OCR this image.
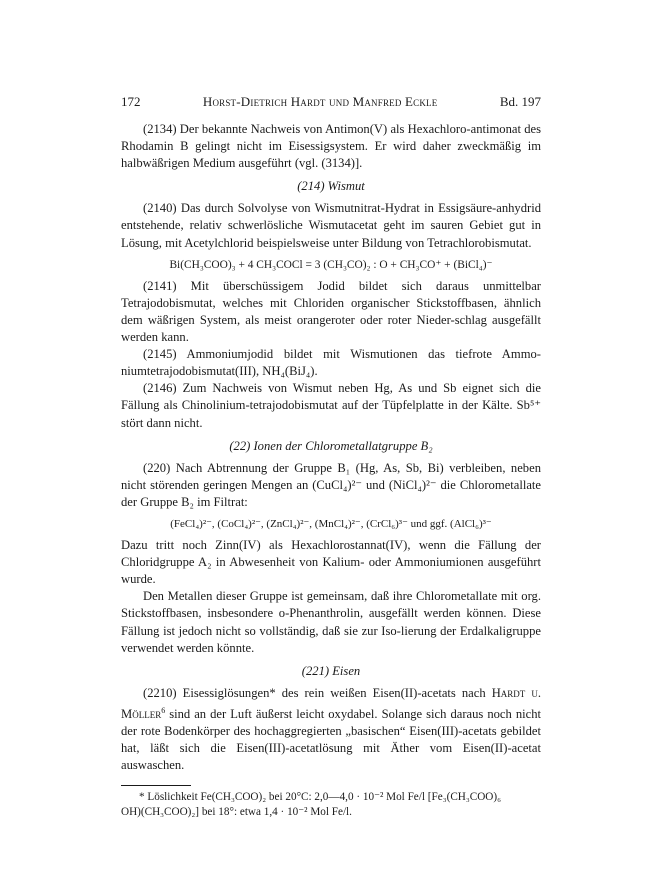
172	Horst-Dietrich Hardt und Manfred Eckle	Bd. 197

(2134) Der bekannte Nachweis von Antimon(V) als Hexachloro-antimonat des Rhodamin B gelingt nicht im Eisessigsystem. Er wird daher zweckmäßig im halbwäßrigen Medium ausgeführt (vgl. (3134)].

(214) Wismut

(2140) Das durch Solvolyse von Wismutnitrat-Hydrat in Essigsäure-anhydrid entstehende, relativ schwerlösliche Wismutacetat geht im sauren Gebiet gut in Lösung, mit Acetylchlorid beispielsweise unter Bildung von Tetrachlorobismutat.

Bi(CH₃COO)₃ + 4 CH₃COCl = 3 (CH₃CO)₂ : O + CH₃CO⁺ + (BiCl₄)⁻

(2141) Mit überschüssigem Jodid bildet sich daraus unmittelbar Tetrajodobismutat, welches mit Chloriden organischer Stickstoffbasen, ähnlich dem wäßrigen System, als meist orangeroter oder roter Nieder-schlag ausgefällt werden kann.

(2145) Ammoniumjodid bildet mit Wismutionen das tiefrote Ammo-niumtetrajodobismutat(III), NH₄(BiJ₄).

(2146) Zum Nachweis von Wismut neben Hg, As und Sb eignet sich die Fällung als Chinolinium-tetrajodobismutat auf der Tüpfelplatte in der Kälte. Sb⁵⁺ stört dann nicht.

(22) Ionen der Chlorometallatgruppe B₂

(220) Nach Abtrennung der Gruppe B₁ (Hg, As, Sb, Bi) verbleiben, neben nicht störenden geringen Mengen an (CuCl₄)²⁻ und (NiCl₄)²⁻ die Chlorometallate der Gruppe B₂ im Filtrat:

(FeCl₄)²⁻, (CoCl₄)²⁻, (ZnCl₄)²⁻, (MnCl₄)²⁻, (CrCl₆)³⁻ und ggf. (AlCl₆)³⁻

Dazu tritt noch Zinn(IV) als Hexachlorostannat(IV), wenn die Fällung der Chloridgruppe A₂ in Abwesenheit von Kalium- oder Ammoniumionen ausgeführt wurde.

Den Metallen dieser Gruppe ist gemeinsam, daß ihre Chlorometallate mit org. Stickstoffbasen, insbesondere o-Phenanthrolin, ausgefällt werden können. Diese Fällung ist jedoch nicht so vollständig, daß sie zur Iso-lierung der Erdalkaligruppe verwendet werden könnte.

(221) Eisen

(2210) Eisessiglösungen* des rein weißen Eisen(II)-acetats nach Hardt u. Möller$^6$ sind an der Luft äußerst leicht oxydabel. Solange sich daraus noch nicht der rote Bodenkörper des hochaggregierten „basischen“ Eisen(III)-acetats gebildet hat, läßt sich die Eisen(III)-acetatlösung mit Äther vom Eisen(II)-acetat auswaschen.

* Löslichkeit Fe(CH₃COO)₂ bei 20°C: 2,0—4,0 · 10⁻² Mol Fe/l [Fe₃(CH₃COO)₆

OH)(CH₃COO)₂] bei 18°: etwa 1,4 · 10⁻² Mol Fe/l.
